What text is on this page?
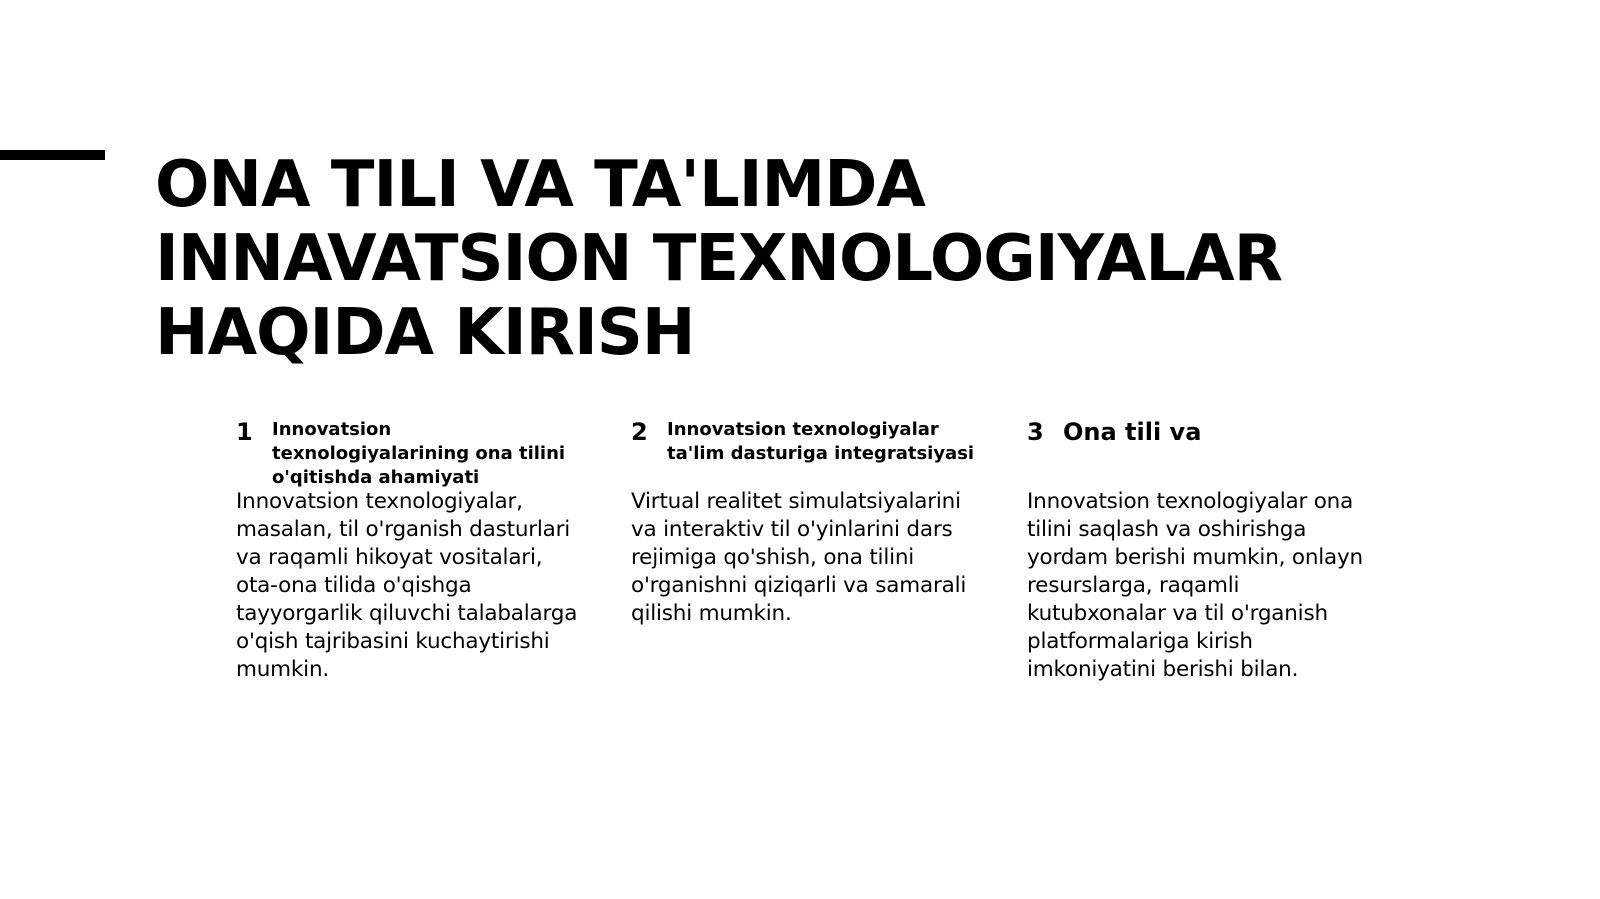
ONA TILI VA TA'LIMDA
INNAVATSION TEXNOLOGIYALAR
HAQIDA KIRISH
1	Innovatsion texnologiyalarining ona tilini o'qitishda ahamiyati

Innovatsion texnologiyalar, masalan, til o'rganish dasturlari va raqamli hikoyat vositalari, ota-ona tilida o'qishga tayyorgarlik qiluvchi talabalarga o'qish tajribasini kuchaytirishi mumkin.

2	Innovatsion texnologiyalar ta'lim dasturiga integratsiyasi

Virtual realitet simulatsiyalarini va interaktiv til o'yinlarini dars rejimiga qo'shish, ona tilini o'rganishni qiziqarli va samarali qilishi mumkin.

3 Ona tili va

Innovatsion texnologiyalar ona tilini saqlash va oshirishga yordam berishi mumkin, onlayn resurslarga, raqamli kutubxonalar va til o'rganish platformalariga kirish imkoniyatini berishi bilan.
